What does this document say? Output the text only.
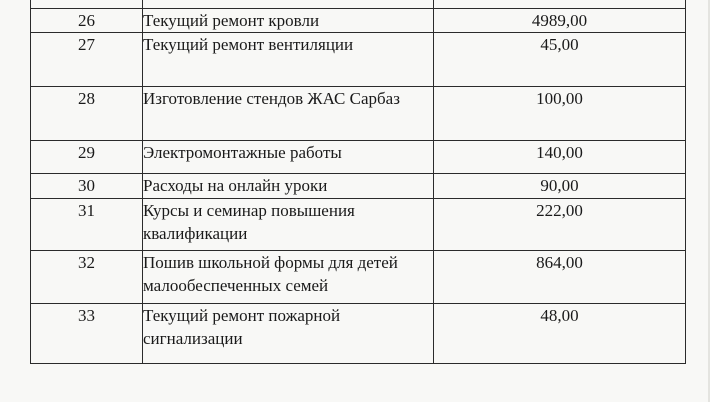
26	Текущий ремонт кровли	4989,00
27	Текущий ремонт вентиляции	45,00
28	Изготовление стендов ЖАС Сарбаз	100,00
29	Электромонтажные работы	140,00
30	Расходы на онлайн уроки	90,00
31	Курсы и семинар повышения квалификации	222,00
32	Пошив школьной формы для детей малообеспеченных семей	864,00
33	Текущий ремонт пожарной сигнализации	48,00
